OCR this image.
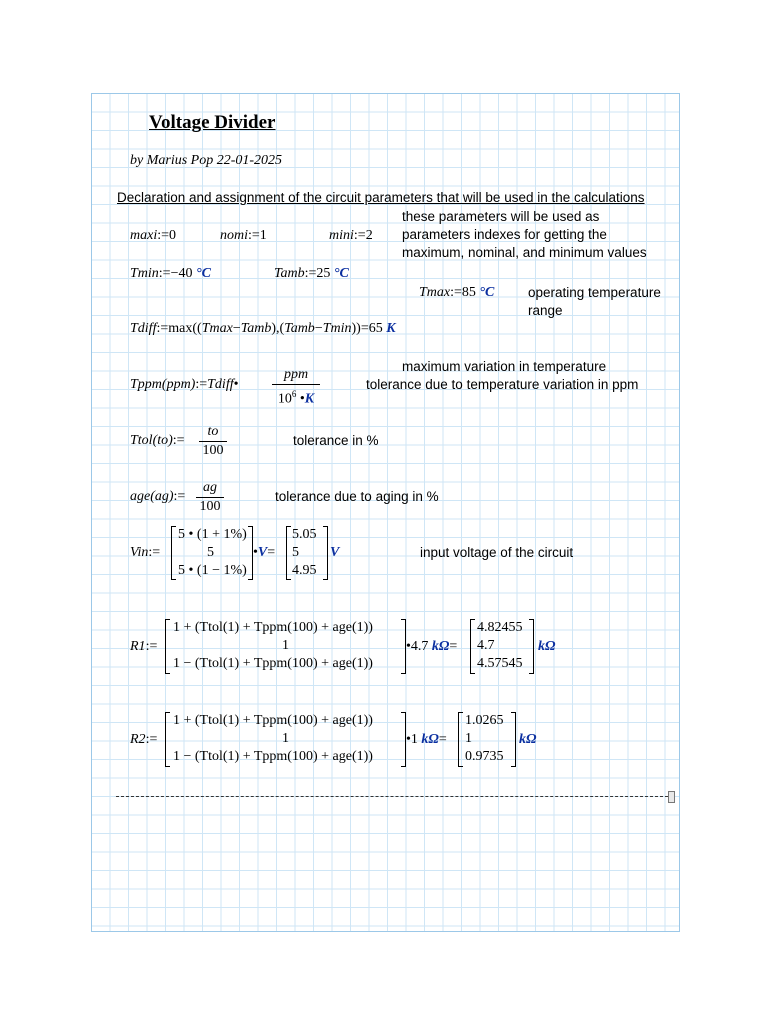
Voltage Divider
by Marius Pop 22-01-2025
Declaration and assignment of the circuit parameters that will be used in the calculations
maxi:=0	nomi:=1	mini:=2
these parameters will be used as
parameters indexes for getting the
maximum, nominal, and minimum values
Tmin:=−40 °C	Tamb:=25 °C
Tmax:=85 °C operating temperature
range
Tdiff:=max((Tmax−Tamb),(Tamb−Tmin))=65 K
maximum variation in temperature
tolerance due to temperature variation in ppm
Tppm(ppm):=Tdiff•
ppm
$10^6$ •K
Ttol(to):=
to
100
tolerance in %
age(ag):=
ag
100
tolerance due to aging in %
Vin:=
5 • (1 + 1%)
5
5 • (1 − 1%)
•V=
5.05
5
4.95
V	input voltage of the circuit
R1:=
1 + (Ttol(1) + Tppm(100) + age(1))
1
1 − (Ttol(1) + Tppm(100) + age(1))
•4.7 kΩ=
4.82455
4.7
4.57545
kΩ
R2:=
1 + (Ttol(1) + Tppm(100) + age(1))
1
1 − (Ttol(1) + Tppm(100) + age(1))
•1 kΩ=
1.0265
1
0.9735
kΩ
